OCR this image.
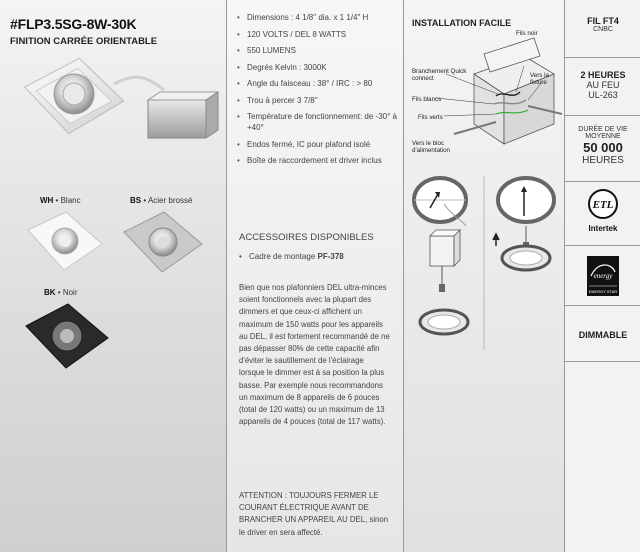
#FLP3.5SG-8W-30K
FINITION CARRÉE ORIENTABLE
WH • Blanc	BS • Acier brossé
BK • Noir
• Dimensions : 4 1/8" dia. x 1 1/4" H
• 120 VOLTS / DEL 8 WATTS
• 550 LUMENS
• Degrés Kelvin : 3000K
• Angle du faisceau : 38° / IRC : > 80
• Trou à percer 3 7/8"
• Température de fonctionnement: de -30° à +40°
• Endos fermé, IC pour plafond isolé
• Boîte de raccordement et driver inclus
ACCESSOIRES DISPONIBLES
• Cadre de montage PF-378
Bien que nos plafonniers DEL ultra-minces soient fonctionnels avec la plupart des dimmers et que ceux-ci affichent un maximum de 150 watts pour les appareils au DEL, il est fortement recommandé de ne pas dépasser 80% de cette capacité afin d'éviter le sautillement de l'éclairage lorsque le dimmer est à sa position la plus basse. Par exemple nous recommandons un maximum de 8 appareils de 6 pouces (total de 120 watts) ou un maximum de 13 appareils de 4 pouces (total de 117 watts).
ATTENTION : TOUJOURS FERMER LE COURANT ÉLECTRIQUE AVANT DE BRANCHER UN APPAREIL AU DEL, sinon le driver en sera affecté.
INSTALLATION FACILE
Fils noir
Branchement Quick connect	Vers la fixture
Fils blancs
Fils verts
Vers le bloc d'alimentation
FIL FT4
CNBC
2 HEURES
AU FEU
UL-263
DURÉE DE VIE
MOYENNE
50 000
HEURES
ETL
Intertek
energy
ENERGY STAR
DIMMABLE
